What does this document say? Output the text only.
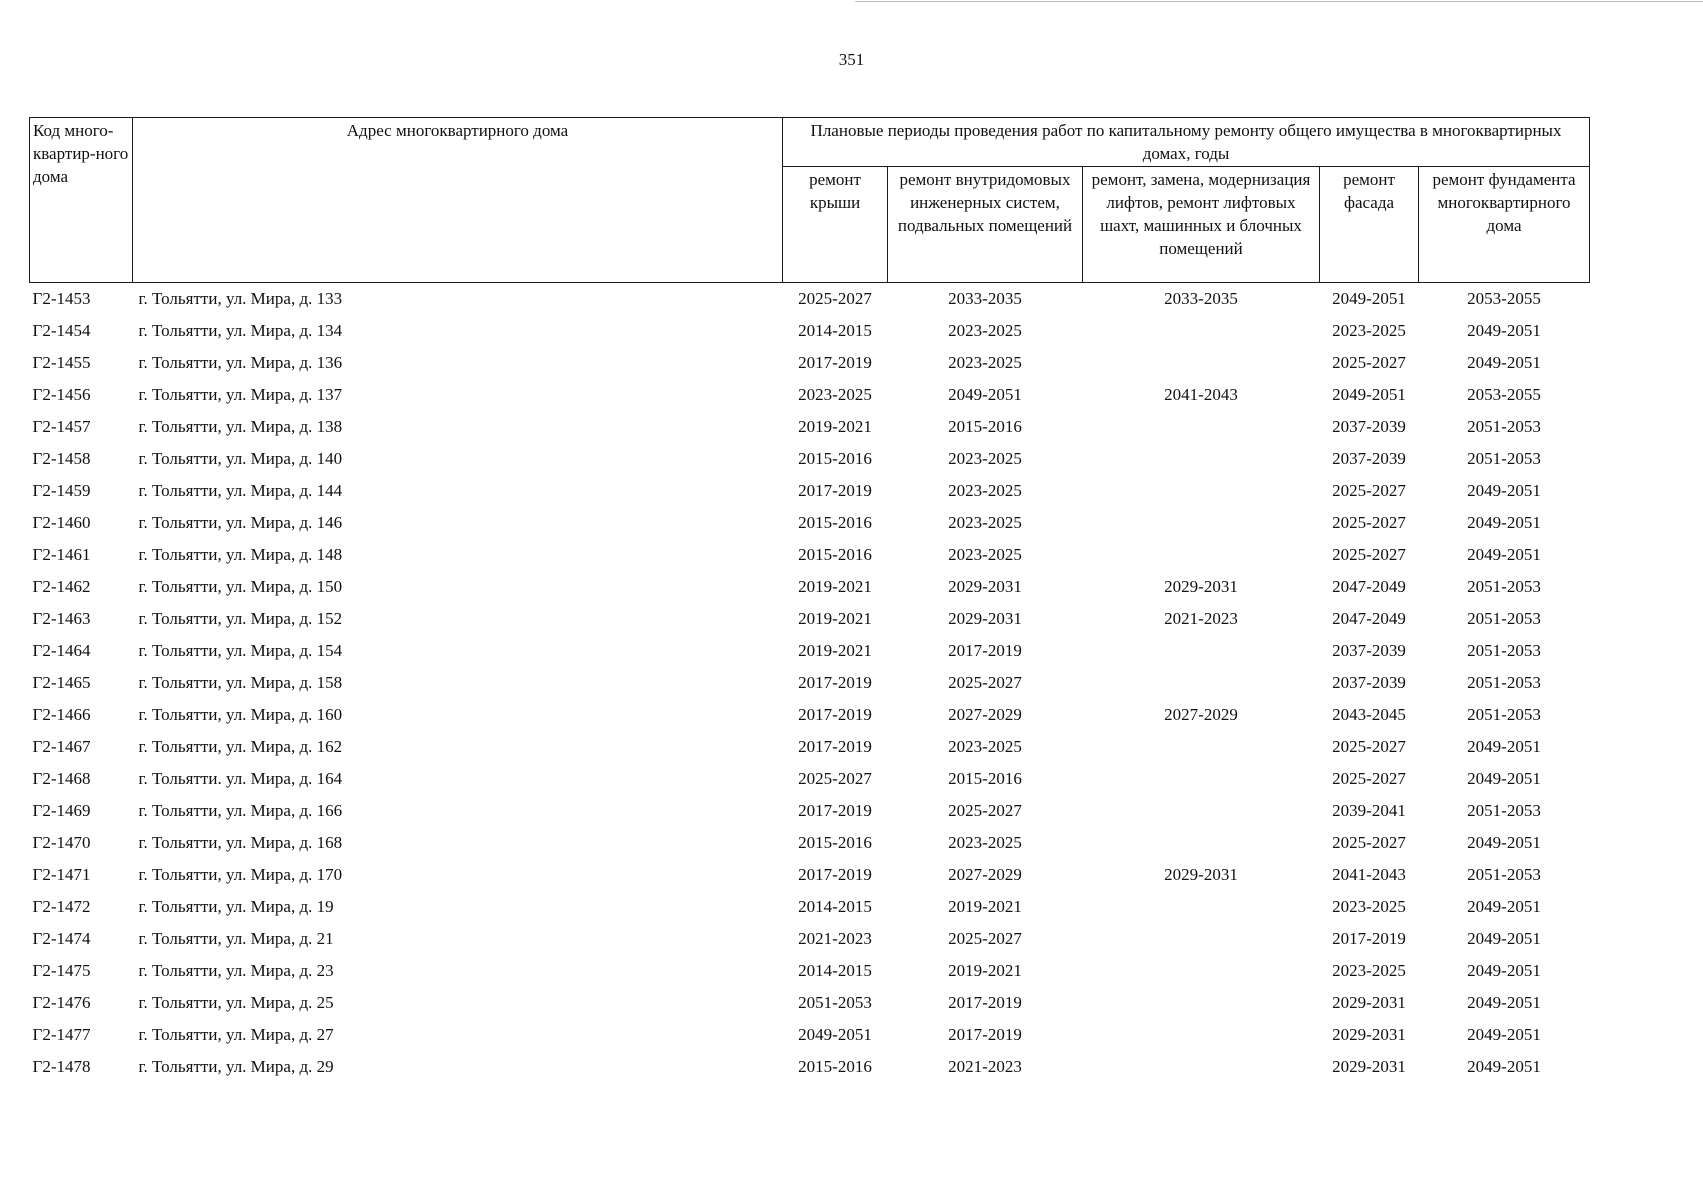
351
Код много-квартир-ного дома	Адрес многоквартирного дома	Плановые периоды проведения работ по капитальному ремонту общего имущества в многоквартирных домах, годы				
		ремонт крыши	ремонт внутридомовых инженерных систем, подвальных помещений	ремонт, замена, модернизация лифтов, ремонт лифтовых шахт, машинных и блочных помещений	ремонт фасада	ремонт фундамента многоквартирного дома
Г2-1453	г. Тольятти, ул. Мира, д. 133	2025-2027	2033-2035	2033-2035	2049-2051	2053-2055
Г2-1454	г. Тольятти, ул. Мира, д. 134	2014-2015	2023-2025		2023-2025	2049-2051
Г2-1455	г. Тольятти, ул. Мира, д. 136	2017-2019	2023-2025		2025-2027	2049-2051
Г2-1456	г. Тольятти, ул. Мира, д. 137	2023-2025	2049-2051	2041-2043	2049-2051	2053-2055
Г2-1457	г. Тольятти, ул. Мира, д. 138	2019-2021	2015-2016		2037-2039	2051-2053
Г2-1458	г. Тольятти, ул. Мира, д. 140	2015-2016	2023-2025		2037-2039	2051-2053
Г2-1459	г. Тольятти, ул. Мира, д. 144	2017-2019	2023-2025		2025-2027	2049-2051
Г2-1460	г. Тольятти, ул. Мира, д. 146	2015-2016	2023-2025		2025-2027	2049-2051
Г2-1461	г. Тольятти, ул. Мира, д. 148	2015-2016	2023-2025		2025-2027	2049-2051
Г2-1462	г. Тольятти, ул. Мира, д. 150	2019-2021	2029-2031	2029-2031	2047-2049	2051-2053
Г2-1463	г. Тольятти, ул. Мира, д. 152	2019-2021	2029-2031	2021-2023	2047-2049	2051-2053
Г2-1464	г. Тольятти, ул. Мира, д. 154	2019-2021	2017-2019		2037-2039	2051-2053
Г2-1465	г. Тольятти, ул. Мира, д. 158	2017-2019	2025-2027		2037-2039	2051-2053
Г2-1466	г. Тольятти, ул. Мира, д. 160	2017-2019	2027-2029	2027-2029	2043-2045	2051-2053
Г2-1467	г. Тольятти, ул. Мира, д. 162	2017-2019	2023-2025		2025-2027	2049-2051
Г2-1468	г. Тольятти. ул. Мира, д. 164	2025-2027	2015-2016		2025-2027	2049-2051
Г2-1469	г. Тольятти, ул. Мира, д. 166	2017-2019	2025-2027		2039-2041	2051-2053
Г2-1470	г. Тольятти, ул. Мира, д. 168	2015-2016	2023-2025		2025-2027	2049-2051
Г2-1471	г. Тольятти, ул. Мира, д. 170	2017-2019	2027-2029	2029-2031	2041-2043	2051-2053
Г2-1472	г. Тольятти, ул. Мира, д. 19	2014-2015	2019-2021		2023-2025	2049-2051
Г2-1474	г. Тольятти, ул. Мира, д. 21	2021-2023	2025-2027		2017-2019	2049-2051
Г2-1475	г. Тольятти, ул. Мира, д. 23	2014-2015	2019-2021		2023-2025	2049-2051
Г2-1476	г. Тольятти, ул. Мира, д. 25	2051-2053	2017-2019		2029-2031	2049-2051
Г2-1477	г. Тольятти, ул. Мира, д. 27	2049-2051	2017-2019		2029-2031	2049-2051
Г2-1478	г. Тольятти, ул. Мира, д. 29	2015-2016	2021-2023		2029-2031	2049-2051
